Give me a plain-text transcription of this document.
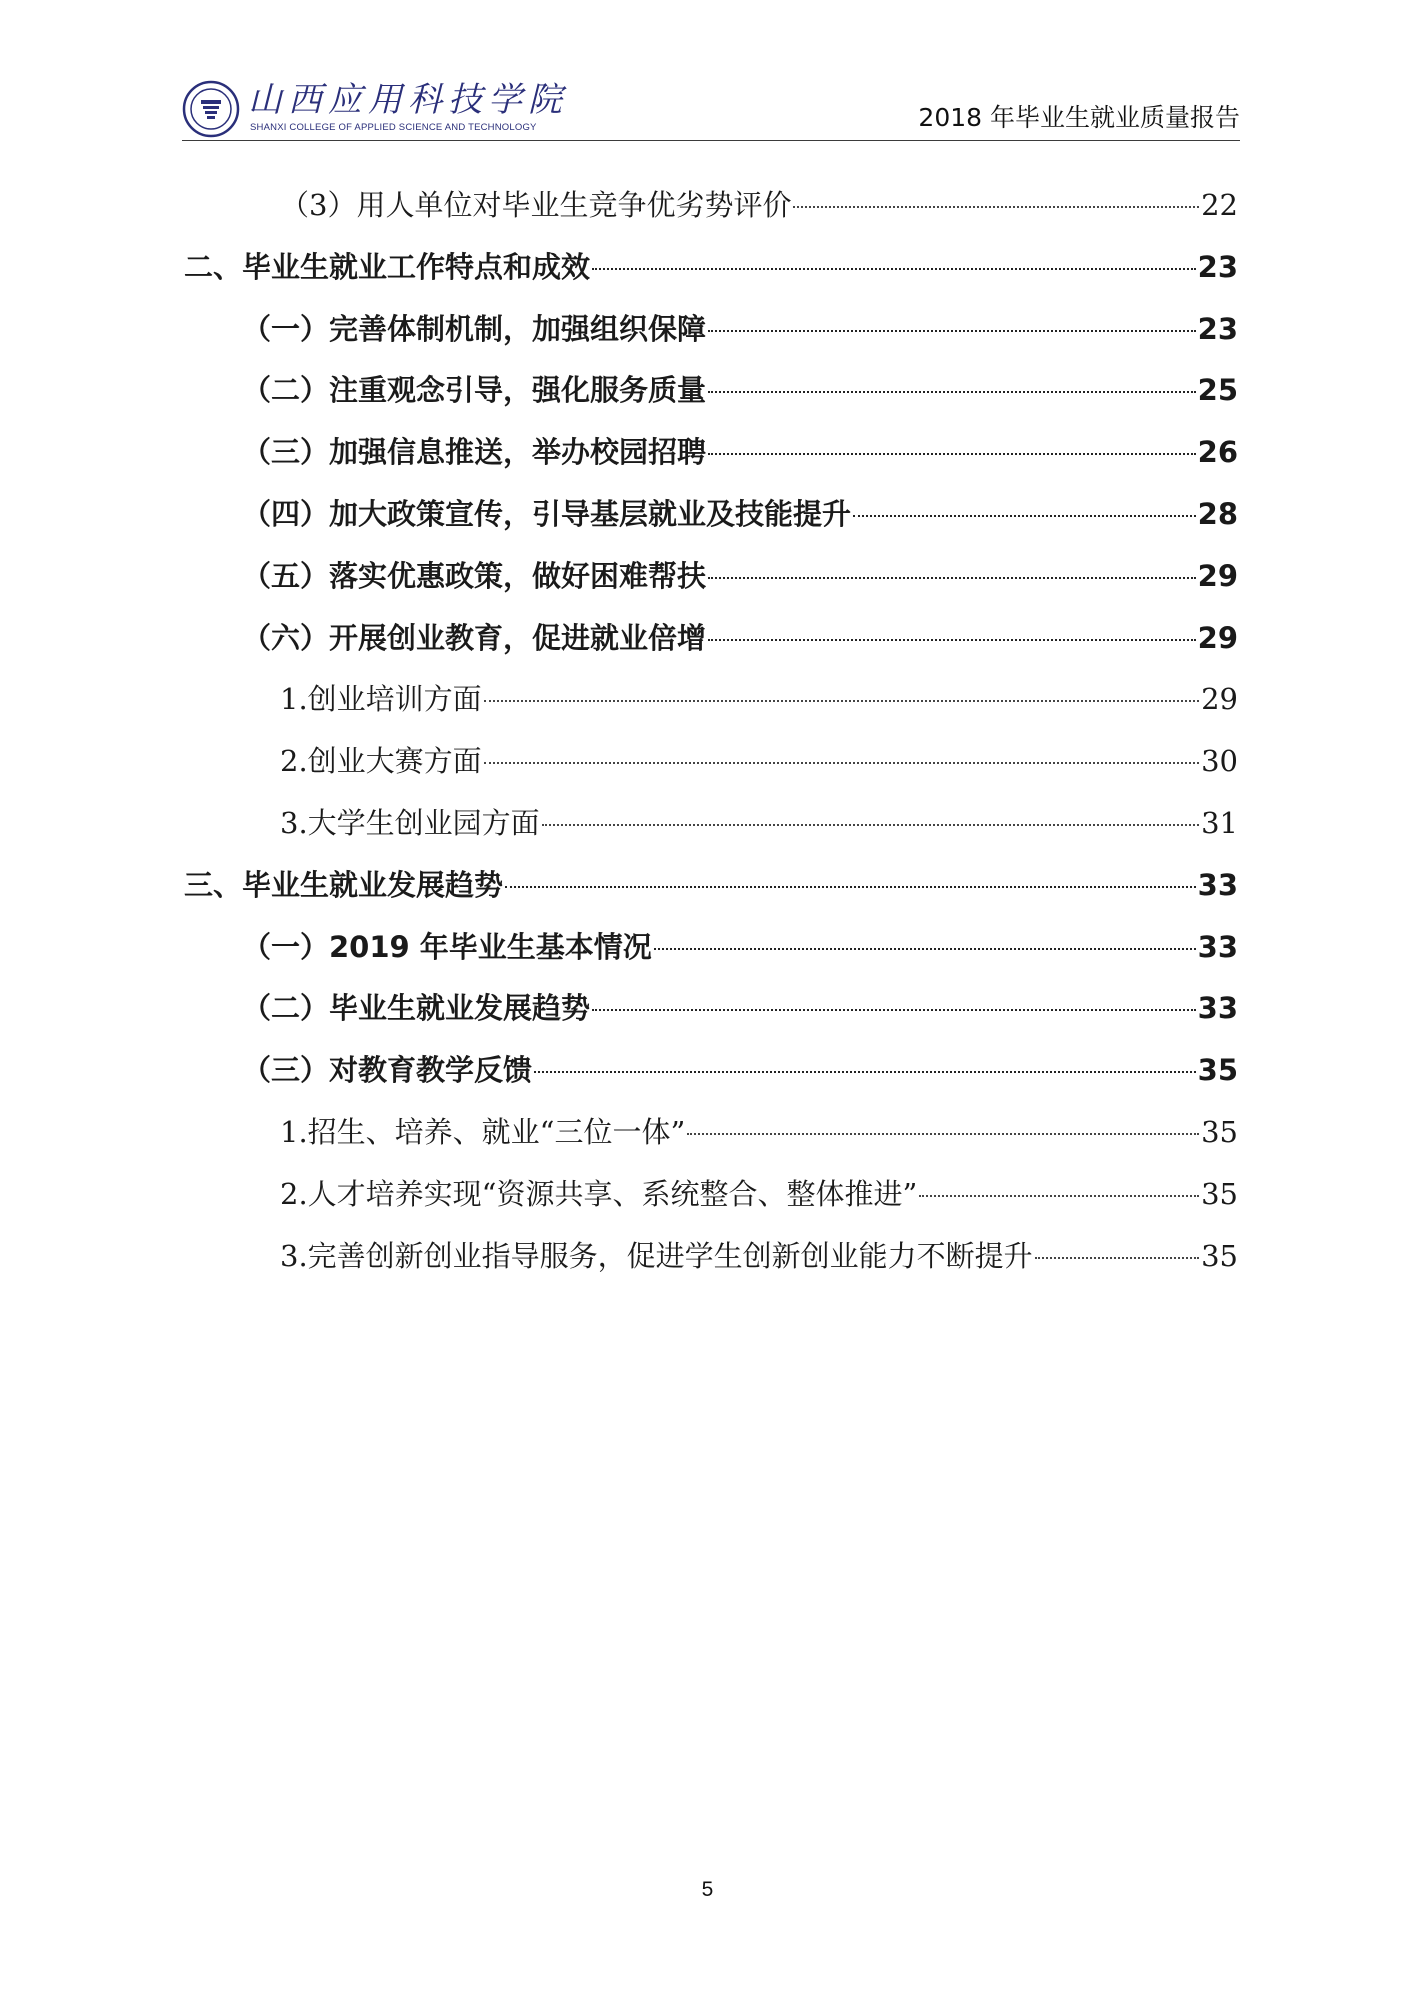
山西应用科技学院
SHANXI COLLEGE OF APPLIED SCIENCE AND TECHNOLOGY	2018 年毕业生就业质量报告
（3）用人单位对毕业生竞争优劣势评价	22
二、毕业生就业工作特点和成效	23
（一）完善体制机制，加强组织保障	23
（二）注重观念引导，强化服务质量	25
（三）加强信息推送，举办校园招聘	26
（四）加大政策宣传，引导基层就业及技能提升	28
（五）落实优惠政策，做好困难帮扶	29
（六）开展创业教育，促进就业倍增	29
1.创业培训方面	29
2.创业大赛方面	30
3.大学生创业园方面	31
三、毕业生就业发展趋势	33
（一）2019 年毕业生基本情况	33
（二）毕业生就业发展趋势	33
（三）对教育教学反馈	35
1.招生、培养、就业“三位一体”	35
2.人才培养实现“资源共享、系统整合、整体推进”	35
3.完善创新创业指导服务，促进学生创新创业能力不断提升	35
5
